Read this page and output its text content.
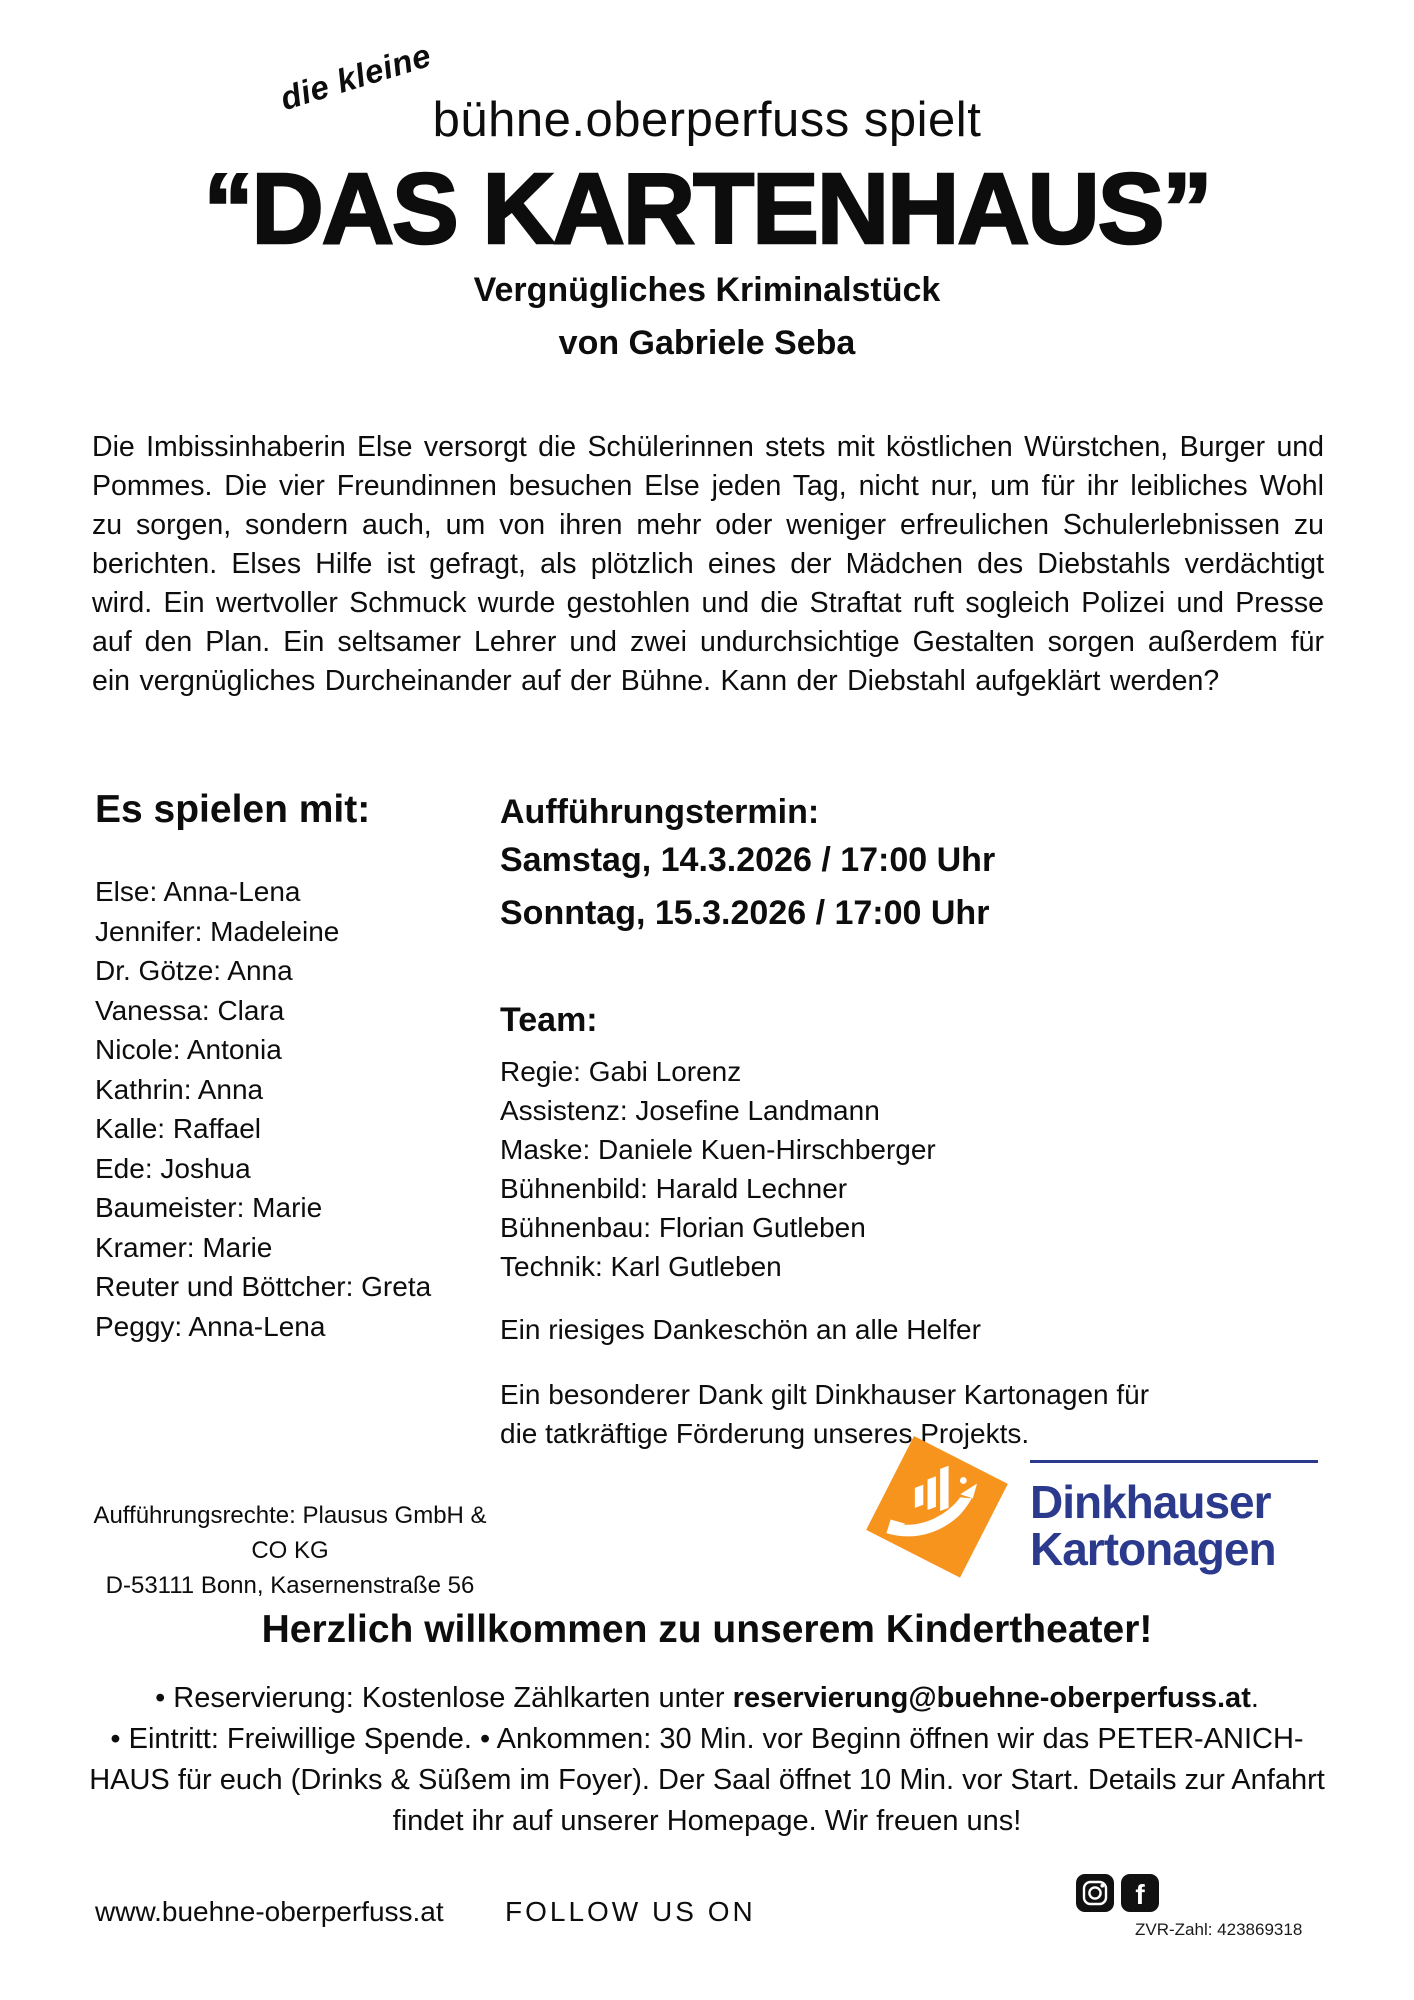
die kleine
bühne.oberperfuss spielt
“DAS KARTENHAUS”
Vergnügliches Kriminalstück
von Gabriele Seba
Die Imbissinhaberin Else versorgt die Schülerinnen stets mit köstlichen Würstchen, Burger und Pommes. Die vier Freundinnen besuchen Else jeden Tag, nicht nur, um für ihr leibliches Wohl zu sorgen, sondern auch, um von ihren mehr oder weniger erfreulichen Schulerlebnissen zu berichten. Elses Hilfe ist gefragt, als plötzlich eines der Mädchen des Diebstahls verdächtigt wird. Ein wertvoller Schmuck wurde gestohlen und die Straftat ruft sogleich Polizei und Presse auf den Plan. Ein seltsamer Lehrer und zwei undurchsichtige Gestalten sorgen außerdem für ein vergnügliches Durcheinander auf der Bühne. Kann der Diebstahl aufgeklärt werden?
Es spielen mit:
Else: Anna-Lena
Jennifer: Madeleine
Dr. Götze: Anna
Vanessa: Clara
Nicole: Antonia
Kathrin: Anna
Kalle: Raffael
Ede: Joshua
Baumeister: Marie
Kramer: Marie
Reuter und Böttcher: Greta
Peggy: Anna-Lena

Aufführungstermin:

Samstag, 14.3.2026 / 17:00 Uhr

Sonntag, 15.3.2026 / 17:00 Uhr

Team:

Regie: Gabi Lorenz
Assistenz: Josefine Landmann
Maske: Daniele Kuen-Hirschberger
Bühnenbild: Harald Lechner
Bühnenbau: Florian Gutleben
Technik: Karl Gutleben

Ein riesiges Dankeschön an alle Helfer

Ein besonderer Dank gilt Dinkhauser Kartonagen für die tatkräftige Förderung unseres Projekts.

Aufführungsrechte: Plausus GmbH & CO KG
D-53111 Bonn, Kasernenstraße 56
®
Dinkhauser
Kartonagen
Herzlich willkommen zu unserem Kindertheater!

• Reservierung: Kostenlose Zählkarten unter reservierung@buehne-oberperfuss.at.

• Eintritt: Freiwillige Spende. • Ankommen: 30 Min. vor Beginn öffnen wir das PETER-ANICH-HAUS für euch (Drinks & Süßem im Foyer). Der Saal öffnet 10 Min. vor Start. Details zur Anfahrt findet ihr auf unserer Homepage. Wir freuen uns!

www.buehne-oberperfuss.at FOLLOW US ON
f
ZVR-Zahl: 423869318
